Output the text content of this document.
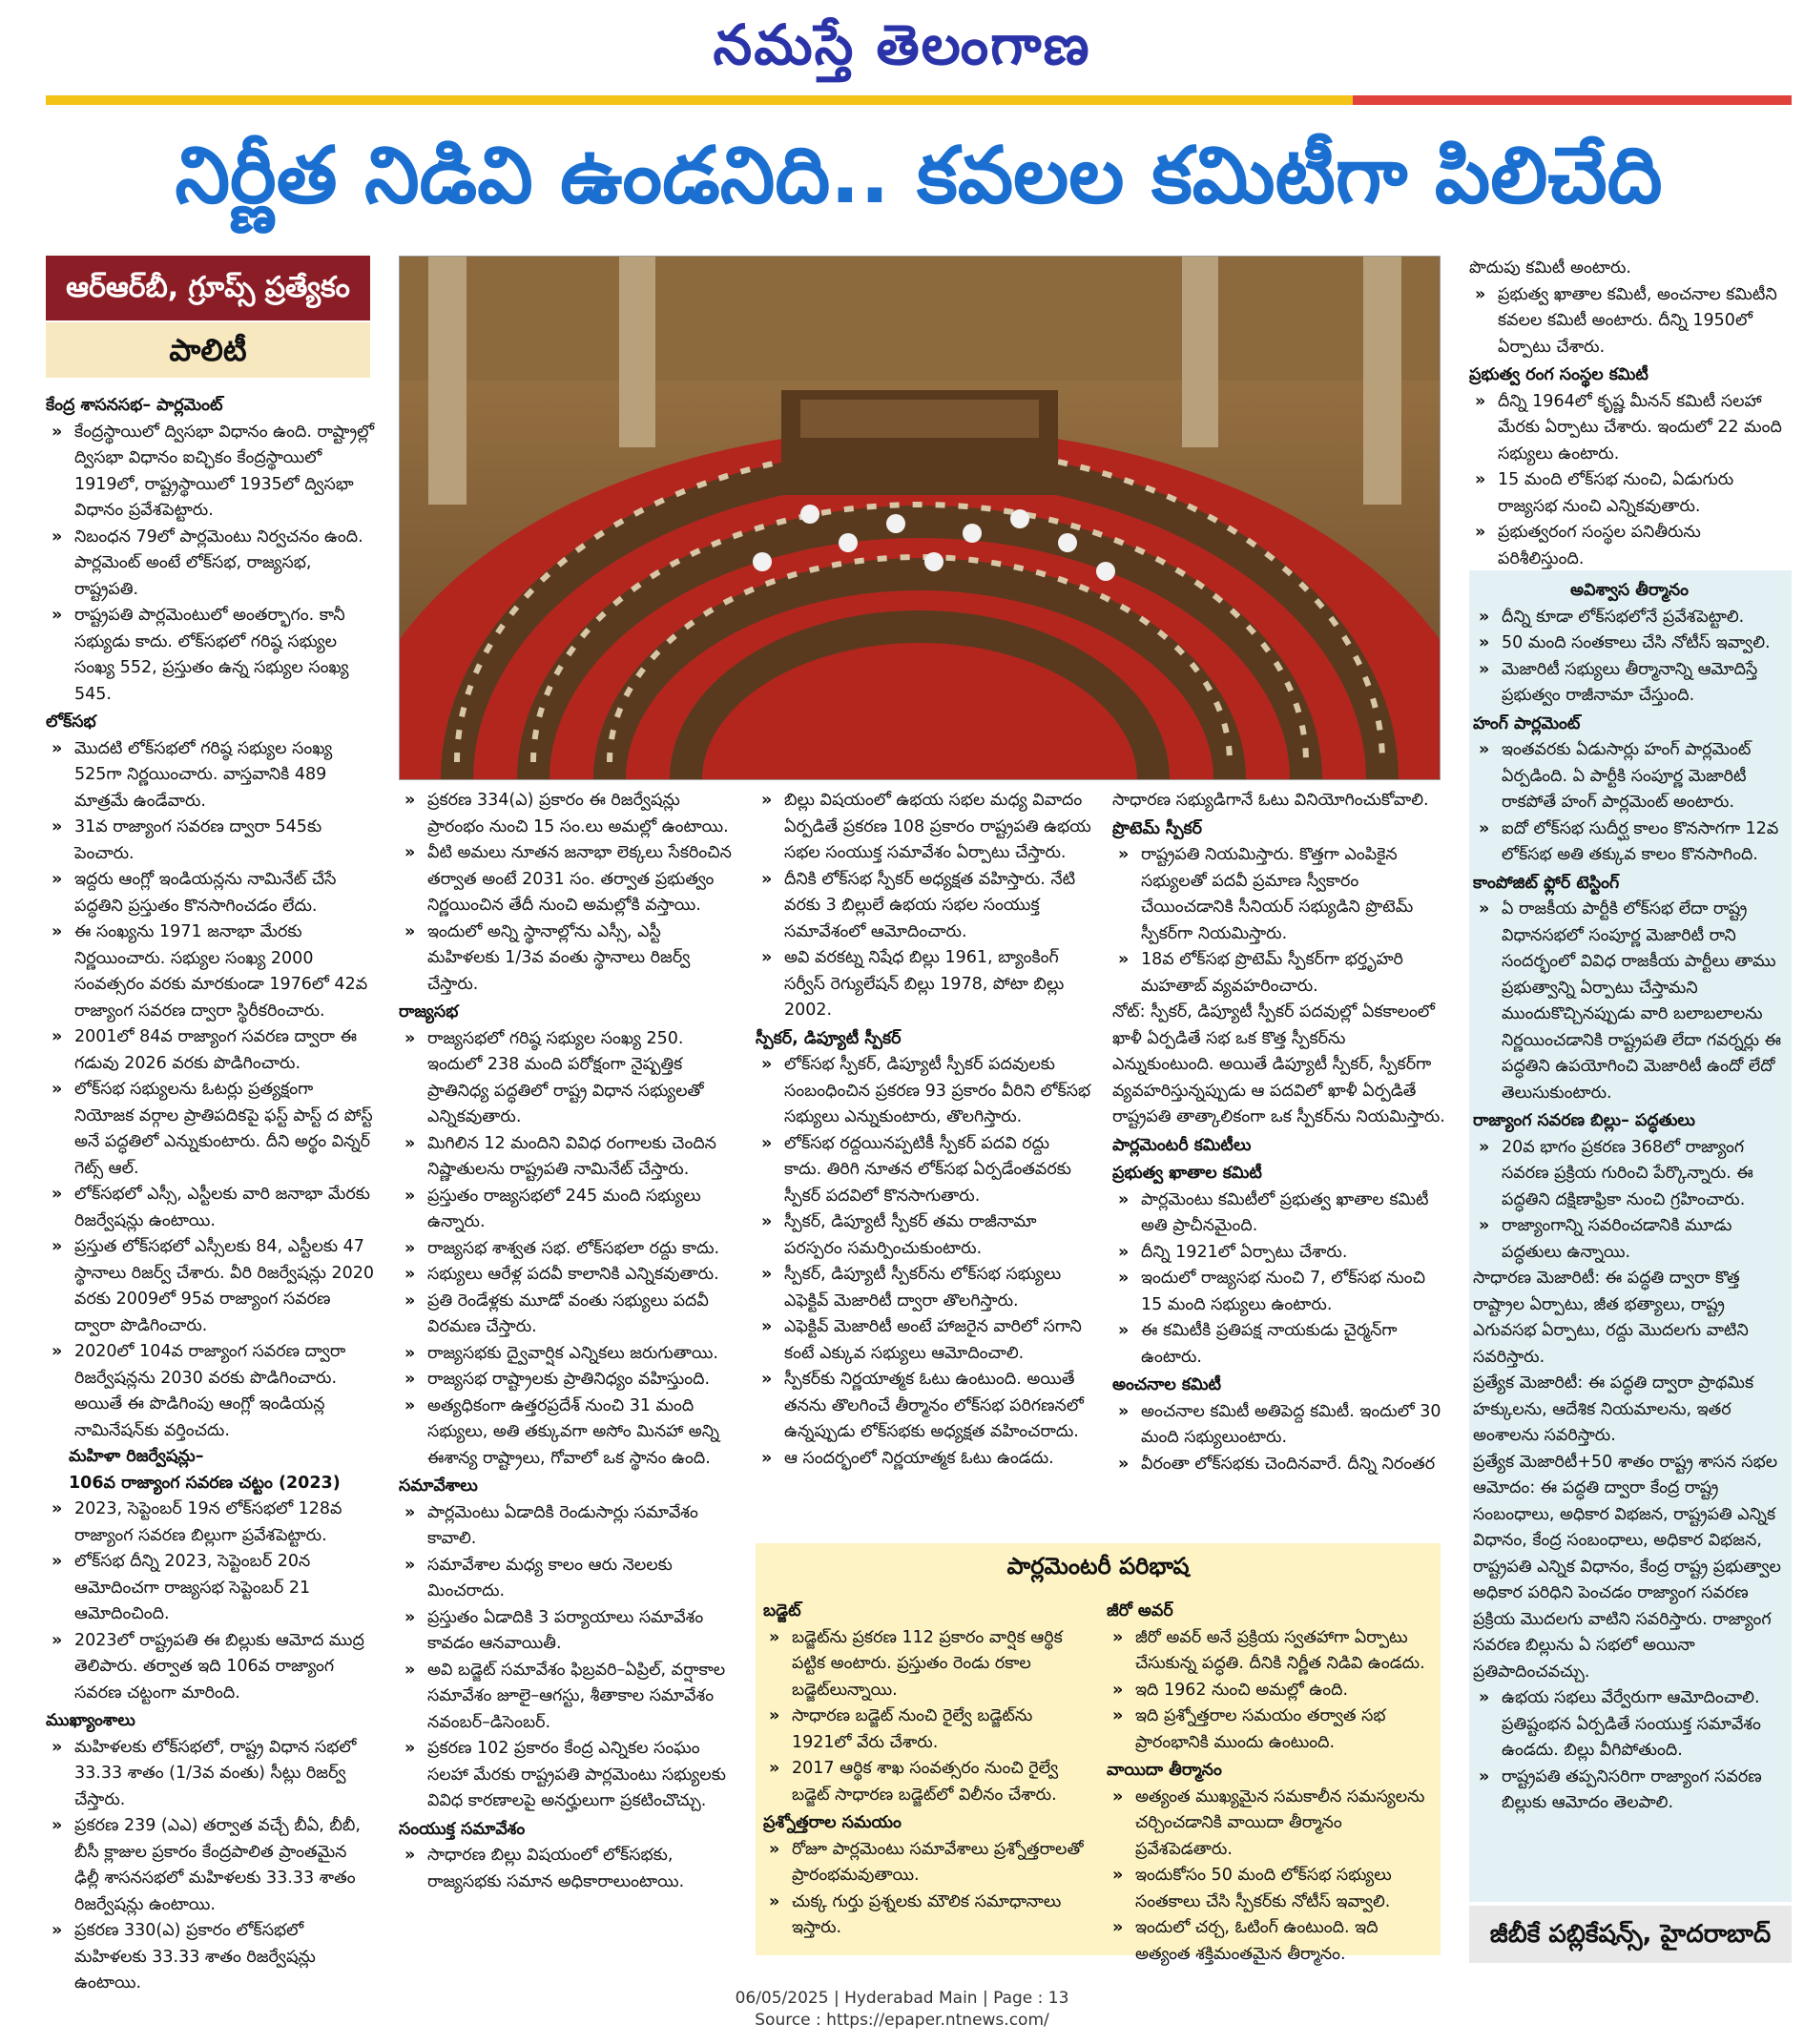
నమస్తే తెలంగాణ
నిర్ణీత నిడివి ఉండనిది.. కవలల కమిటీగా పిలిచేది
ఆర్‌ఆర్‌బీ, గ్రూప్స్ ప్రత్యేకం
పాలిటీ
కేంద్ర శాసనసభ– పార్లమెంట్
» కేంద్రస్థాయిలో ద్విసభా విధానం ఉంది. రాష్ట్రాల్లో ద్విసభా విధానం ఐచ్ఛికం కేంద్రస్థాయిలో 1919లో, రాష్ట్రస్థాయిలో 1935లో ద్విసభా విధానం ప్రవేశపెట్టారు.
» నిబంధన 79లో పార్లమెంటు నిర్వచనం ఉంది. పార్లమెంట్ అంటే లోక్‌సభ, రాజ్యసభ, రాష్ట్రపతి.
» రాష్ట్రపతి పార్లమెంటులో అంతర్భాగం. కానీ సభ్యుడు కాదు. లోక్‌సభలో గరిష్ఠ సభ్యుల సంఖ్య 552, ప్రస్తుతం ఉన్న సభ్యుల సంఖ్య 545.
లోక్‌సభ
» మొదటి లోక్‌సభలో గరిష్ఠ సభ్యుల సంఖ్య 525గా నిర్ణయించారు. వాస్తవానికి 489 మాత్రమే ఉండేవారు.
» 31వ రాజ్యాంగ సవరణ ద్వారా 545కు పెంచారు.
» ఇద్దరు ఆంగ్లో ఇండియన్లను నామినేట్ చేసే పద్ధతిని ప్రస్తుతం కొనసాగించడం లేదు.
» ఈ సంఖ్యను 1971 జనాభా మేరకు నిర్ణయించారు. సభ్యుల సంఖ్య 2000 సంవత్సరం వరకు మారకుండా 1976లో 42వ రాజ్యాంగ సవరణ ద్వారా స్థిరీకరించారు.
» 2001లో 84వ రాజ్యాంగ సవరణ ద్వారా ఈ గడువు 2026 వరకు పొడిగించారు.
» లోక్‌సభ సభ్యులను ఓటర్లు ప్రత్యక్షంగా నియోజక వర్గాల ప్రాతిపదికపై ఫస్ట్ పాస్ట్ ద పోస్ట్ అనే పద్ధతిలో ఎన్నుకుంటారు. దీని అర్థం విన్నర్ గెట్స్ ఆల్.
» లోక్‌సభలో ఎస్సీ, ఎస్టీలకు వారి జనాభా మేరకు రిజర్వేషన్లు ఉంటాయి.
» ప్రస్తుత లోక్‌సభలో ఎస్సీలకు 84, ఎస్టీలకు 47 స్థానాలు రిజర్వ్ చేశారు. వీరి రిజర్వేషన్లు 2020 వరకు 2009లో 95వ రాజ్యాంగ సవరణ ద్వారా పొడిగించారు.
» 2020లో 104వ రాజ్యాంగ సవరణ ద్వారా రిజర్వేషన్లను 2030 వరకు పొడిగించారు. అయితే ఈ పొడిగింపు ఆంగ్లో ఇండియన్ల నామినేషన్‌కు వర్తించదు.
మహిళా రిజర్వేషన్లు–
106వ రాజ్యాంగ సవరణ చట్టం (2023)
» 2023, సెప్టెంబర్ 19న లోక్‌సభలో 128వ రాజ్యాంగ సవరణ బిల్లుగా ప్రవేశపెట్టారు.
» లోక్‌సభ దీన్ని 2023, సెప్టెంబర్ 20న ఆమోదించగా రాజ్యసభ సెప్టెంబర్ 21 ఆమోదించింది.
» 2023లో రాష్ట్రపతి ఈ బిల్లుకు ఆమోద ముద్ర తెలిపారు. తర్వాత ఇది 106వ రాజ్యాంగ సవరణ చట్టంగా మారింది.
ముఖ్యాంశాలు
» మహిళలకు లోక్‌సభలో, రాష్ట్ర విధాన సభలో 33.33 శాతం (1/3వ వంతు) సీట్లు రిజర్వ్ చేస్తారు.
» ప్రకరణ 239 (ఎఎ) తర్వాత వచ్చే బీఏ, బీబీ, బీసీ క్లాజుల ప్రకారం కేంద్రపాలిత ప్రాంతమైన ఢిల్లీ శాసనసభలో మహిళలకు 33.33 శాతం రిజర్వేషన్లు ఉంటాయి.
» ప్రకరణ 330(ఎ) ప్రకారం లోక్‌సభలో మహిళలకు 33.33 శాతం రిజర్వేషన్లు ఉంటాయి.
» ప్రకరణ 334(ఎ) ప్రకారం ఈ రిజర్వేషన్లు ప్రారంభం నుంచి 15 సం.లు అమల్లో ఉంటాయి.
» వీటి అమలు నూతన జనాభా లెక్కలు సేకరించిన తర్వాత అంటే 2031 సం. తర్వాత ప్రభుత్వం నిర్ణయించిన తేదీ నుంచి అమల్లోకి వస్తాయి.
» ఇందులో అన్ని స్థానాల్లోను ఎస్సీ, ఎస్టీ మహిళలకు 1/3వ వంతు స్థానాలు రిజర్వ్ చేస్తారు.
రాజ్యసభ
» రాజ్యసభలో గరిష్ఠ సభ్యుల సంఖ్య 250. ఇందులో 238 మంది పరోక్షంగా నైష్పత్తిక ప్రాతినిధ్య పద్ధతిలో రాష్ట్ర విధాన సభ్యులతో ఎన్నికవుతారు.
» మిగిలిన 12 మందిని వివిధ రంగాలకు చెందిన నిష్ణాతులను రాష్ట్రపతి నామినేట్ చేస్తారు.
» ప్రస్తుతం రాజ్యసభలో 245 మంది సభ్యులు ఉన్నారు.
» రాజ్యసభ శాశ్వత సభ. లోక్‌సభలా రద్దు కాదు.
» సభ్యులు ఆరేళ్ల పదవీ కాలానికి ఎన్నికవుతారు.
» ప్రతి రెండేళ్లకు మూడో వంతు సభ్యులు పదవీ విరమణ చేస్తారు.
» రాజ్యసభకు ద్వైవార్షిక ఎన్నికలు జరుగుతాయి.
» రాజ్యసభ రాష్ట్రాలకు ప్రాతినిధ్యం వహిస్తుంది.
» అత్యధికంగా ఉత్తరప్రదేశ్ నుంచి 31 మంది సభ్యులు, అతి తక్కువగా అసోం మినహా అన్ని ఈశాన్య రాష్ట్రాలు, గోవాలో ఒక స్థానం ఉంది.
సమావేశాలు
» పార్లమెంటు ఏడాదికి రెండుసార్లు సమావేశం కావాలి.
» సమావేశాల మధ్య కాలం ఆరు నెలలకు మించరాదు.
» ప్రస్తుతం ఏడాదికి 3 పర్యాయాలు సమావేశం కావడం ఆనవాయితీ.
» అవి బడ్జెట్ సమావేశం ఫిబ్రవరి–ఏప్రిల్, వర్షాకాల సమావేశం జూలై–ఆగస్టు, శీతాకాల సమావేశం నవంబర్–డిసెంబర్.
» ప్రకరణ 102 ప్రకారం కేంద్ర ఎన్నికల సంఘం సలహా మేరకు రాష్ట్రపతి పార్లమెంటు సభ్యులకు వివిధ కారణాలపై అనర్హులుగా ప్రకటించొచ్చు.
సంయుక్త సమావేశం
» సాధారణ బిల్లు విషయంలో లోక్‌సభకు, రాజ్యసభకు సమాన అధికారాలుంటాయి.
» బిల్లు విషయంలో ఉభయ సభల మధ్య వివాదం ఏర్పడితే ప్రకరణ 108 ప్రకారం రాష్ట్రపతి ఉభయ సభల సంయుక్త సమావేశం ఏర్పాటు చేస్తారు.
» దీనికి లోక్‌సభ స్పీకర్ అధ్యక్షత వహిస్తారు. నేటి వరకు 3 బిల్లులే ఉభయ సభల సంయుక్త సమావేశంలో ఆమోదించారు.
» అవి వరకట్న నిషేధ బిల్లు 1961, బ్యాంకింగ్ సర్వీస్ రెగ్యులేషన్ బిల్లు 1978, పోటా బిల్లు 2002.
స్పీకర్, డిప్యూటీ స్పీకర్
» లోక్‌సభ స్పీకర్, డిప్యూటీ స్పీకర్ పదవులకు సంబంధించిన ప్రకరణ 93 ప్రకారం వీరిని లోక్‌సభ సభ్యులు ఎన్నుకుంటారు, తొలగిస్తారు.
» లోక్‌సభ రద్దయినప్పటికీ స్పీకర్ పదవి రద్దు కాదు. తిరిగి నూతన లోక్‌సభ ఏర్పడేంతవరకు స్పీకర్ పదవిలో కొనసాగుతారు.
» స్పీకర్, డిప్యూటీ స్పీకర్ తమ రాజీనామా పరస్పరం సమర్పించుకుంటారు.
» స్పీకర్, డిప్యూటీ స్పీకర్‌ను లోక్‌సభ సభ్యులు ఎఫెక్టివ్ మెజారిటీ ద్వారా తొలగిస్తారు.
» ఎఫెక్టివ్ మెజారిటీ అంటే హాజరైన వారిలో సగాని కంటే ఎక్కువ సభ్యులు ఆమోదించాలి.
» స్పీకర్‌కు నిర్ణయాత్మక ఓటు ఉంటుంది. అయితే తనను తొలగించే తీర్మానం లోక్‌సభ పరిగణనలో ఉన్నప్పుడు లోక్‌సభకు అధ్యక్షత వహించరాదు.
» ఆ సందర్భంలో నిర్ణయాత్మక ఓటు ఉండదు.
సాధారణ సభ్యుడిగానే ఓటు వినియోగించుకోవాలి.
ప్రొటెమ్ స్పీకర్
» రాష్ట్రపతి నియమిస్తారు. కొత్తగా ఎంపికైన సభ్యులతో పదవీ ప్రమాణ స్వీకారం చేయించడానికి సీనియర్ సభ్యుడిని ప్రొటెమ్ స్పీకర్‌గా నియమిస్తారు.
» 18వ లోక్‌సభ ప్రొటెమ్ స్పీకర్‌గా భర్తృహరి మహతాబ్ వ్యవహరించారు.
నోట్: స్పీకర్, డిప్యూటీ స్పీకర్ పదవుల్లో ఏకకాలంలో ఖాళీ ఏర్పడితే సభ ఒక కొత్త స్పీకర్‌ను ఎన్నుకుంటుంది. అయితే డిప్యూటీ స్పీకర్, స్పీకర్‌గా వ్యవహరిస్తున్నప్పుడు ఆ పదవిలో ఖాళీ ఏర్పడితే రాష్ట్రపతి తాత్కాలికంగా ఒక స్పీకర్‌ను నియమిస్తారు.
పార్లమెంటరీ కమిటీలు
ప్రభుత్వ ఖాతాల కమిటీ
» పార్లమెంటు కమిటీలో ప్రభుత్వ ఖాతాల కమిటీ అతి ప్రాచీనమైంది.
» దీన్ని 1921లో ఏర్పాటు చేశారు.
» ఇందులో రాజ్యసభ నుంచి 7, లోక్‌సభ నుంచి 15 మంది సభ్యులు ఉంటారు.
» ఈ కమిటీకి ప్రతిపక్ష నాయకుడు చైర్మన్‌గా ఉంటారు.
అంచనాల కమిటీ
» అంచనాల కమిటీ అతిపెద్ద కమిటీ. ఇందులో 30 మంది సభ్యులుంటారు.
» వీరంతా లోక్‌సభకు చెందినవారే. దీన్ని నిరంతర
పొదుపు కమిటీ అంటారు.
» ప్రభుత్వ ఖాతాల కమిటీ, అంచనాల కమిటీని కవలల కమిటీ అంటారు. దీన్ని 1950లో ఏర్పాటు చేశారు.
ప్రభుత్వ రంగ సంస్థల కమిటీ
» దీన్ని 1964లో కృష్ణ మీనన్ కమిటీ సలహా మేరకు ఏర్పాటు చేశారు. ఇందులో 22 మంది సభ్యులు ఉంటారు.
» 15 మంది లోక్‌సభ నుంచి, ఏడుగురు రాజ్యసభ నుంచి ఎన్నికవుతారు.
» ప్రభుత్వరంగ సంస్థల పనితీరును పరిశీలిస్తుంది.
అవిశ్వాస తీర్మానం
» దీన్ని కూడా లోక్‌సభలోనే ప్రవేశపెట్టాలి.
» 50 మంది సంతకాలు చేసి నోటీస్ ఇవ్వాలి.
» మెజారిటీ సభ్యులు తీర్మానాన్ని ఆమోదిస్తే ప్రభుత్వం రాజీనామా చేస్తుంది.
హంగ్ పార్లమెంట్
» ఇంతవరకు ఏడుసార్లు హంగ్ పార్లమెంట్ ఏర్పడింది. ఏ పార్టీకి సంపూర్ణ మెజారిటీ రాకపోతే హంగ్ పార్లమెంట్ అంటారు.
» ఐదో లోక్‌సభ సుదీర్ఘ కాలం కొనసాగగా 12వ లోక్‌సభ అతి తక్కువ కాలం కొనసాగింది.
కాంపోజిట్ ఫ్లోర్ టెస్టింగ్
» ఏ రాజకీయ పార్టీకి లోక్‌సభ లేదా రాష్ట్ర విధానసభలో సంపూర్ణ మెజారిటీ రాని సందర్భంలో వివిధ రాజకీయ పార్టీలు తాము ప్రభుత్వాన్ని ఏర్పాటు చేస్తామని ముందుకొచ్చినప్పుడు వారి బలాబలాలను నిర్ణయించడానికి రాష్ట్రపతి లేదా గవర్నర్లు ఈ పద్ధతిని ఉపయోగించి మెజారిటీ ఉందో లేదో తెలుసుకుంటారు.
రాజ్యాంగ సవరణ బిల్లు– పద్ధతులు
» 20వ భాగం ప్రకరణ 368లో రాజ్యాంగ సవరణ ప్రక్రియ గురించి పేర్కొన్నారు. ఈ పద్ధతిని దక్షిణాఫ్రికా నుంచి గ్రహించారు.
» రాజ్యాంగాన్ని సవరించడానికి మూడు పద్ధతులు ఉన్నాయి.
సాధారణ మెజారిటీ: ఈ పద్ధతి ద్వారా కొత్త రాష్ట్రాల ఏర్పాటు, జీత భత్యాలు, రాష్ట్ర ఎగువసభ ఏర్పాటు, రద్దు మొదలగు వాటిని సవరిస్తారు.
ప్రత్యేక మెజారిటీ: ఈ పద్ధతి ద్వారా ప్రాథమిక హక్కులను, ఆదేశిక నియమాలను, ఇతర అంశాలను సవరిస్తారు.
ప్రత్యేక మెజారిటీ+50 శాతం రాష్ట్ర శాసన సభల ఆమోదం: ఈ పద్ధతి ద్వారా కేంద్ర రాష్ట్ర సంబంధాలు, అధికార విభజన, రాష్ట్రపతి ఎన్నిక విధానం, కేంద్ర సంబంధాలు, అధికార విభజన, రాష్ట్రపతి ఎన్నిక విధానం, కేంద్ర రాష్ట్ర ప్రభుత్వాల అధికార పరిధిని పెంచడం రాజ్యాంగ సవరణ ప్రక్రియ మొదలగు వాటిని సవరిస్తారు. రాజ్యాంగ సవరణ బిల్లును ఏ సభలో అయినా ప్రతిపాదించవచ్చు.
» ఉభయ సభలు వేర్వేరుగా ఆమోదించాలి. ప్రతిష్టంభన ఏర్పడితే సంయుక్త సమావేశం ఉండదు. బిల్లు వీగిపోతుంది.
» రాష్ట్రపతి తప్పనిసరిగా రాజ్యాంగ సవరణ బిల్లుకు ఆమోదం తెలపాలి.
పార్లమెంటరీ పరిభాష
బడ్జెట్
» బడ్జెట్‌ను ప్రకరణ 112 ప్రకారం వార్షిక ఆర్థిక పట్టిక అంటారు. ప్రస్తుతం రెండు రకాల బడ్జెట్‌లున్నాయి.
» సాధారణ బడ్జెట్ నుంచి రైల్వే బడ్జెట్‌ను 1921లో వేరు చేశారు.
» 2017 ఆర్థిక శాఖ సంవత్సరం నుంచి రైల్వే బడ్జెట్ సాధారణ బడ్జెట్‌లో విలీనం చేశారు.
ప్రశ్నోత్తరాల సమయం
» రోజూ పార్లమెంటు సమావేశాలు ప్రశ్నోత్తరాలతో ప్రారంభమవుతాయి.
» చుక్క గుర్తు ప్రశ్నలకు మౌలిక సమాధానాలు ఇస్తారు.
జీరో అవర్
» జీరో అవర్ అనే ప్రక్రియ స్వతహాగా ఏర్పాటు చేసుకున్న పద్ధతి. దీనికి నిర్ణీత నిడివి ఉండదు.
» ఇది 1962 నుంచి అమల్లో ఉంది.
» ఇది ప్రశ్నోత్తరాల సమయం తర్వాత సభ ప్రారంభానికి ముందు ఉంటుంది.
వాయిదా తీర్మానం
» అత్యంత ముఖ్యమైన సమకాలీన సమస్యలను చర్చించడానికి వాయిదా తీర్మానం ప్రవేశపెడతారు.
» ఇందుకోసం 50 మంది లోక్‌సభ సభ్యులు సంతకాలు చేసి స్పీకర్‌కు నోటీస్ ఇవ్వాలి.
» ఇందులో చర్చ, ఓటింగ్ ఉంటుంది. ఇది అత్యంత శక్తిమంతమైన తీర్మానం.
జీబీకే పబ్లికేషన్స్, హైదరాబాద్
06/05/2025 | Hyderabad Main | Page : 13
Source : https://epaper.ntnews.com/
